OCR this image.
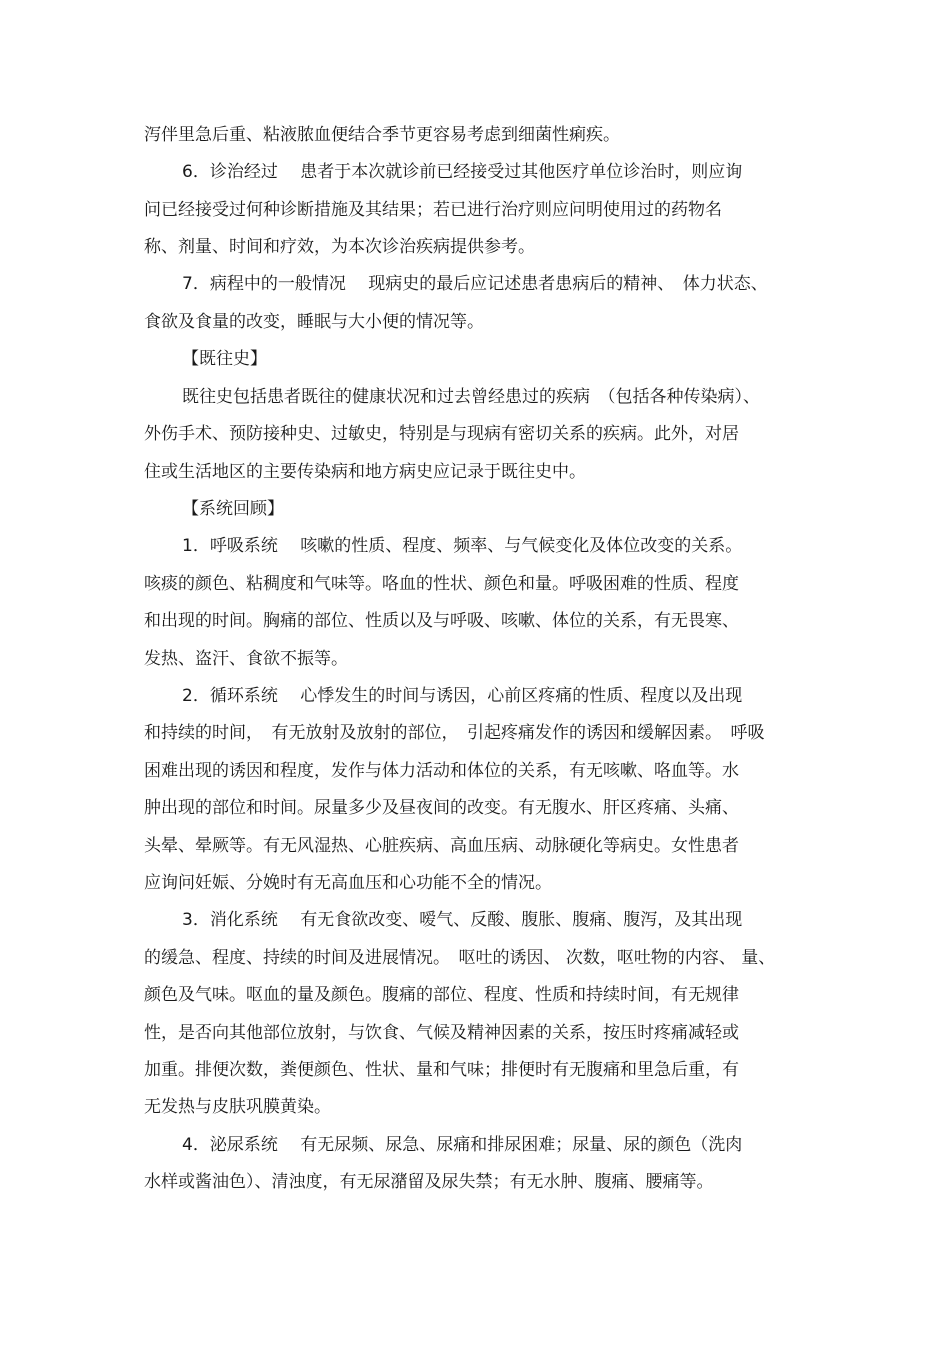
泻伴里急后重、粘液脓血便结合季节更容易考虑到细菌性痢疾。
6．诊治经过　 患者于本次就诊前已经接受过其他医疗单位诊治时，则应询
问已经接受过何种诊断措施及其结果；若已进行治疗则应问明使用过的药物名
称、剂量、时间和疗效，为本次诊治疾病提供参考。
7．病程中的一般情况　 现病史的最后应记述患者患病后的精神、　体力状态、
食欲及食量的改变，睡眠与大小便的情况等。
【既往史】
既往史包括患者既往的健康状况和过去曾经患过的疾病　（包括各种传染病）、
外伤手术、预防接种史、过敏史，特别是与现病有密切关系的疾病。此外，对居
住或生活地区的主要传染病和地方病史应记录于既往史中。
【系统回顾】
1．呼吸系统　 咳嗽的性质、程度、频率、与气候变化及体位改变的关系。
咳痰的颜色、粘稠度和气味等。咯血的性状、颜色和量。呼吸困难的性质、程度
和出现的时间。胸痛的部位、性质以及与呼吸、咳嗽、体位的关系，有无畏寒、
发热、盗汗、食欲不振等。
2．循环系统　 心悸发生的时间与诱因，心前区疼痛的性质、程度以及出现
和持续的时间，　有无放射及放射的部位，　引起疼痛发作的诱因和缓解因素。　呼吸
困难出现的诱因和程度，发作与体力活动和体位的关系，有无咳嗽、咯血等。水
肿出现的部位和时间。尿量多少及昼夜间的改变。有无腹水、肝区疼痛、头痛、
头晕、晕厥等。有无风湿热、心脏疾病、高血压病、动脉硬化等病史。女性患者
应询问妊娠、分娩时有无高血压和心功能不全的情况。
3．消化系统　 有无食欲改变、嗳气、反酸、腹胀、腹痛、腹泻，及其出现
的缓急、程度、持续的时间及进展情况。　呕吐的诱因、 次数，呕吐物的内容、 量、
颜色及气味。呕血的量及颜色。腹痛的部位、程度、性质和持续时间，有无规律
性，是否向其他部位放射，与饮食、气候及精神因素的关系，按压时疼痛减轻或
加重。排便次数，粪便颜色、性状、量和气味；排便时有无腹痛和里急后重，有
无发热与皮肤巩膜黄染。
4．泌尿系统　 有无尿频、尿急、尿痛和排尿困难；尿量、尿的颜色（洗肉
水样或酱油色）、清浊度，有无尿潴留及尿失禁；有无水肿、腹痛、腰痛等。
